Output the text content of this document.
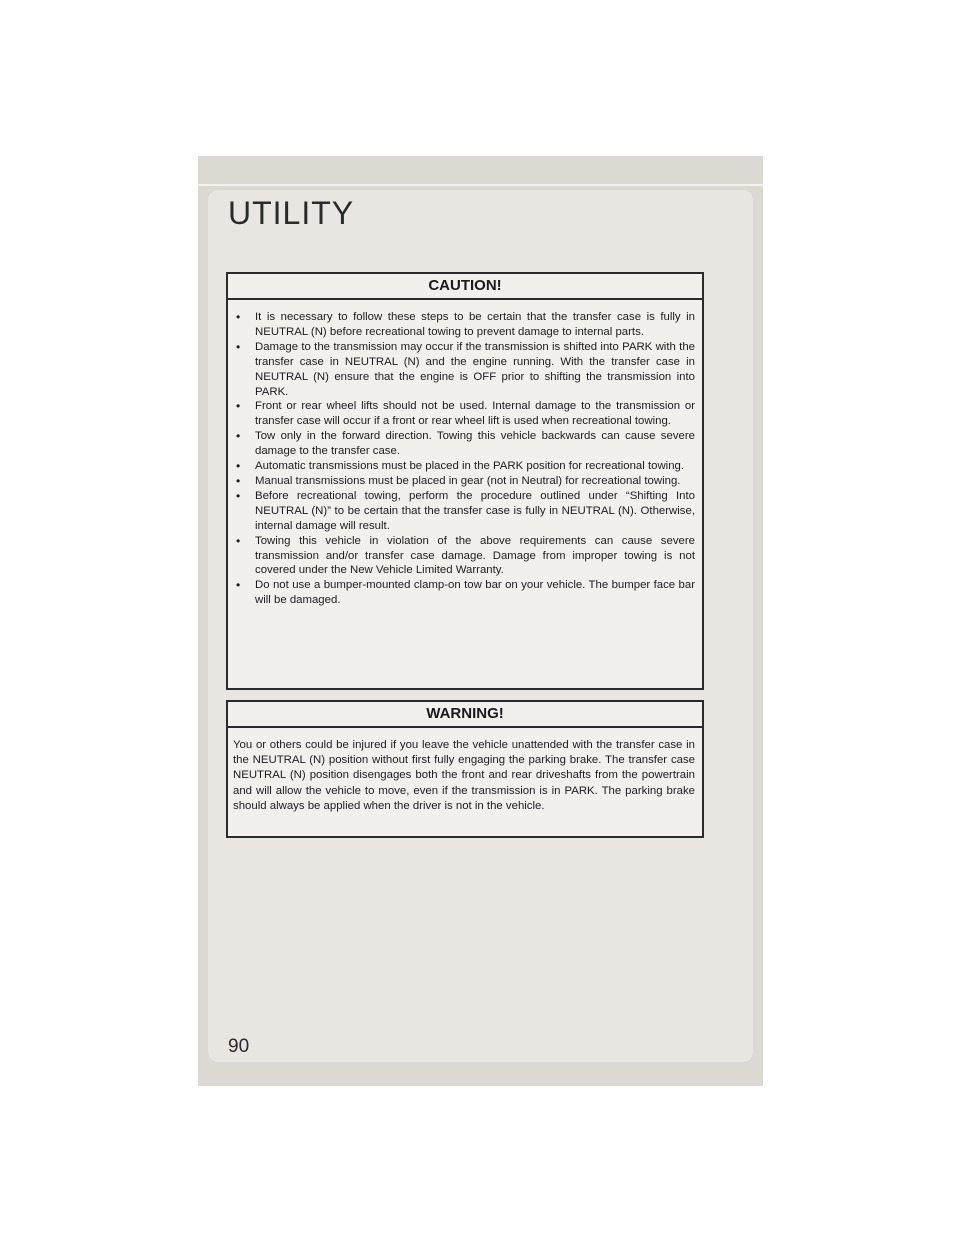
UTILITY
CAUTION!
• It is necessary to follow these steps to be certain that the transfer case is fully in NEUTRAL (N) before recreational towing to prevent damage to internal parts.
• Damage to the transmission may occur if the transmission is shifted into PARK with the transfer case in NEUTRAL (N) and the engine running. With the transfer case in NEUTRAL (N) ensure that the engine is OFF prior to shifting the transmission into PARK.
• Front or rear wheel lifts should not be used. Internal damage to the transmission or transfer case will occur if a front or rear wheel lift is used when recreational towing.
• Tow only in the forward direction. Towing this vehicle backwards can cause severe damage to the transfer case.
• Automatic transmissions must be placed in the PARK position for recreational towing.
• Manual transmissions must be placed in gear (not in Neutral) for recreational towing.
• Before recreational towing, perform the procedure outlined under “Shifting Into NEUTRAL (N)” to be certain that the transfer case is fully in NEUTRAL (N). Otherwise, internal damage will result.
• Towing this vehicle in violation of the above requirements can cause severe transmission and/or transfer case damage. Damage from improper towing is not covered under the New Vehicle Limited Warranty.
• Do not use a bumper-mounted clamp-on tow bar on your vehicle. The bumper face bar will be damaged.
WARNING!

You or others could be injured if you leave the vehicle unattended with the transfer case in the NEUTRAL (N) position without first fully engaging the parking brake. The transfer case NEUTRAL (N) position disengages both the front and rear driveshafts from the powertrain and will allow the vehicle to move, even if the transmission is in PARK. The parking brake should always be applied when the driver is not in the vehicle.

90
